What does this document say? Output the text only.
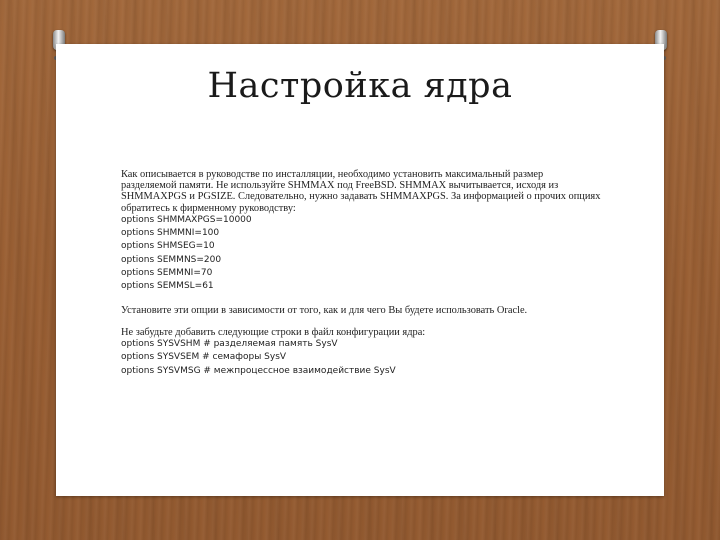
Настройка ядра

Как описывается в руководстве по инсталляции, необходимо установить максимальный размер разделяемой памяти. Не используйте SHMMAX под FreeBSD. SHMMAX вычитывается, исходя из SHMMAXPGS и PGSIZE. Следовательно, нужно задавать SHMMAXPGS. За информацией о прочих опциях обратитесь к фирменному руководству:

options SHMMAXPGS=10000
options SHMMNI=100
options SHMSEG=10
options SEMMNS=200
options SEMMNI=70
options SEMMSL=61

Установите эти опции в зависимости от того, как и для чего Вы будете использовать Oracle.

Не забудьте добавить следующие строки в файл конфигурации ядра:

options SYSVSHM # разделяемая память SysV
options SYSVSEM # семафоры SysV
options SYSVMSG # межпроцессное взаимодействие SysV
